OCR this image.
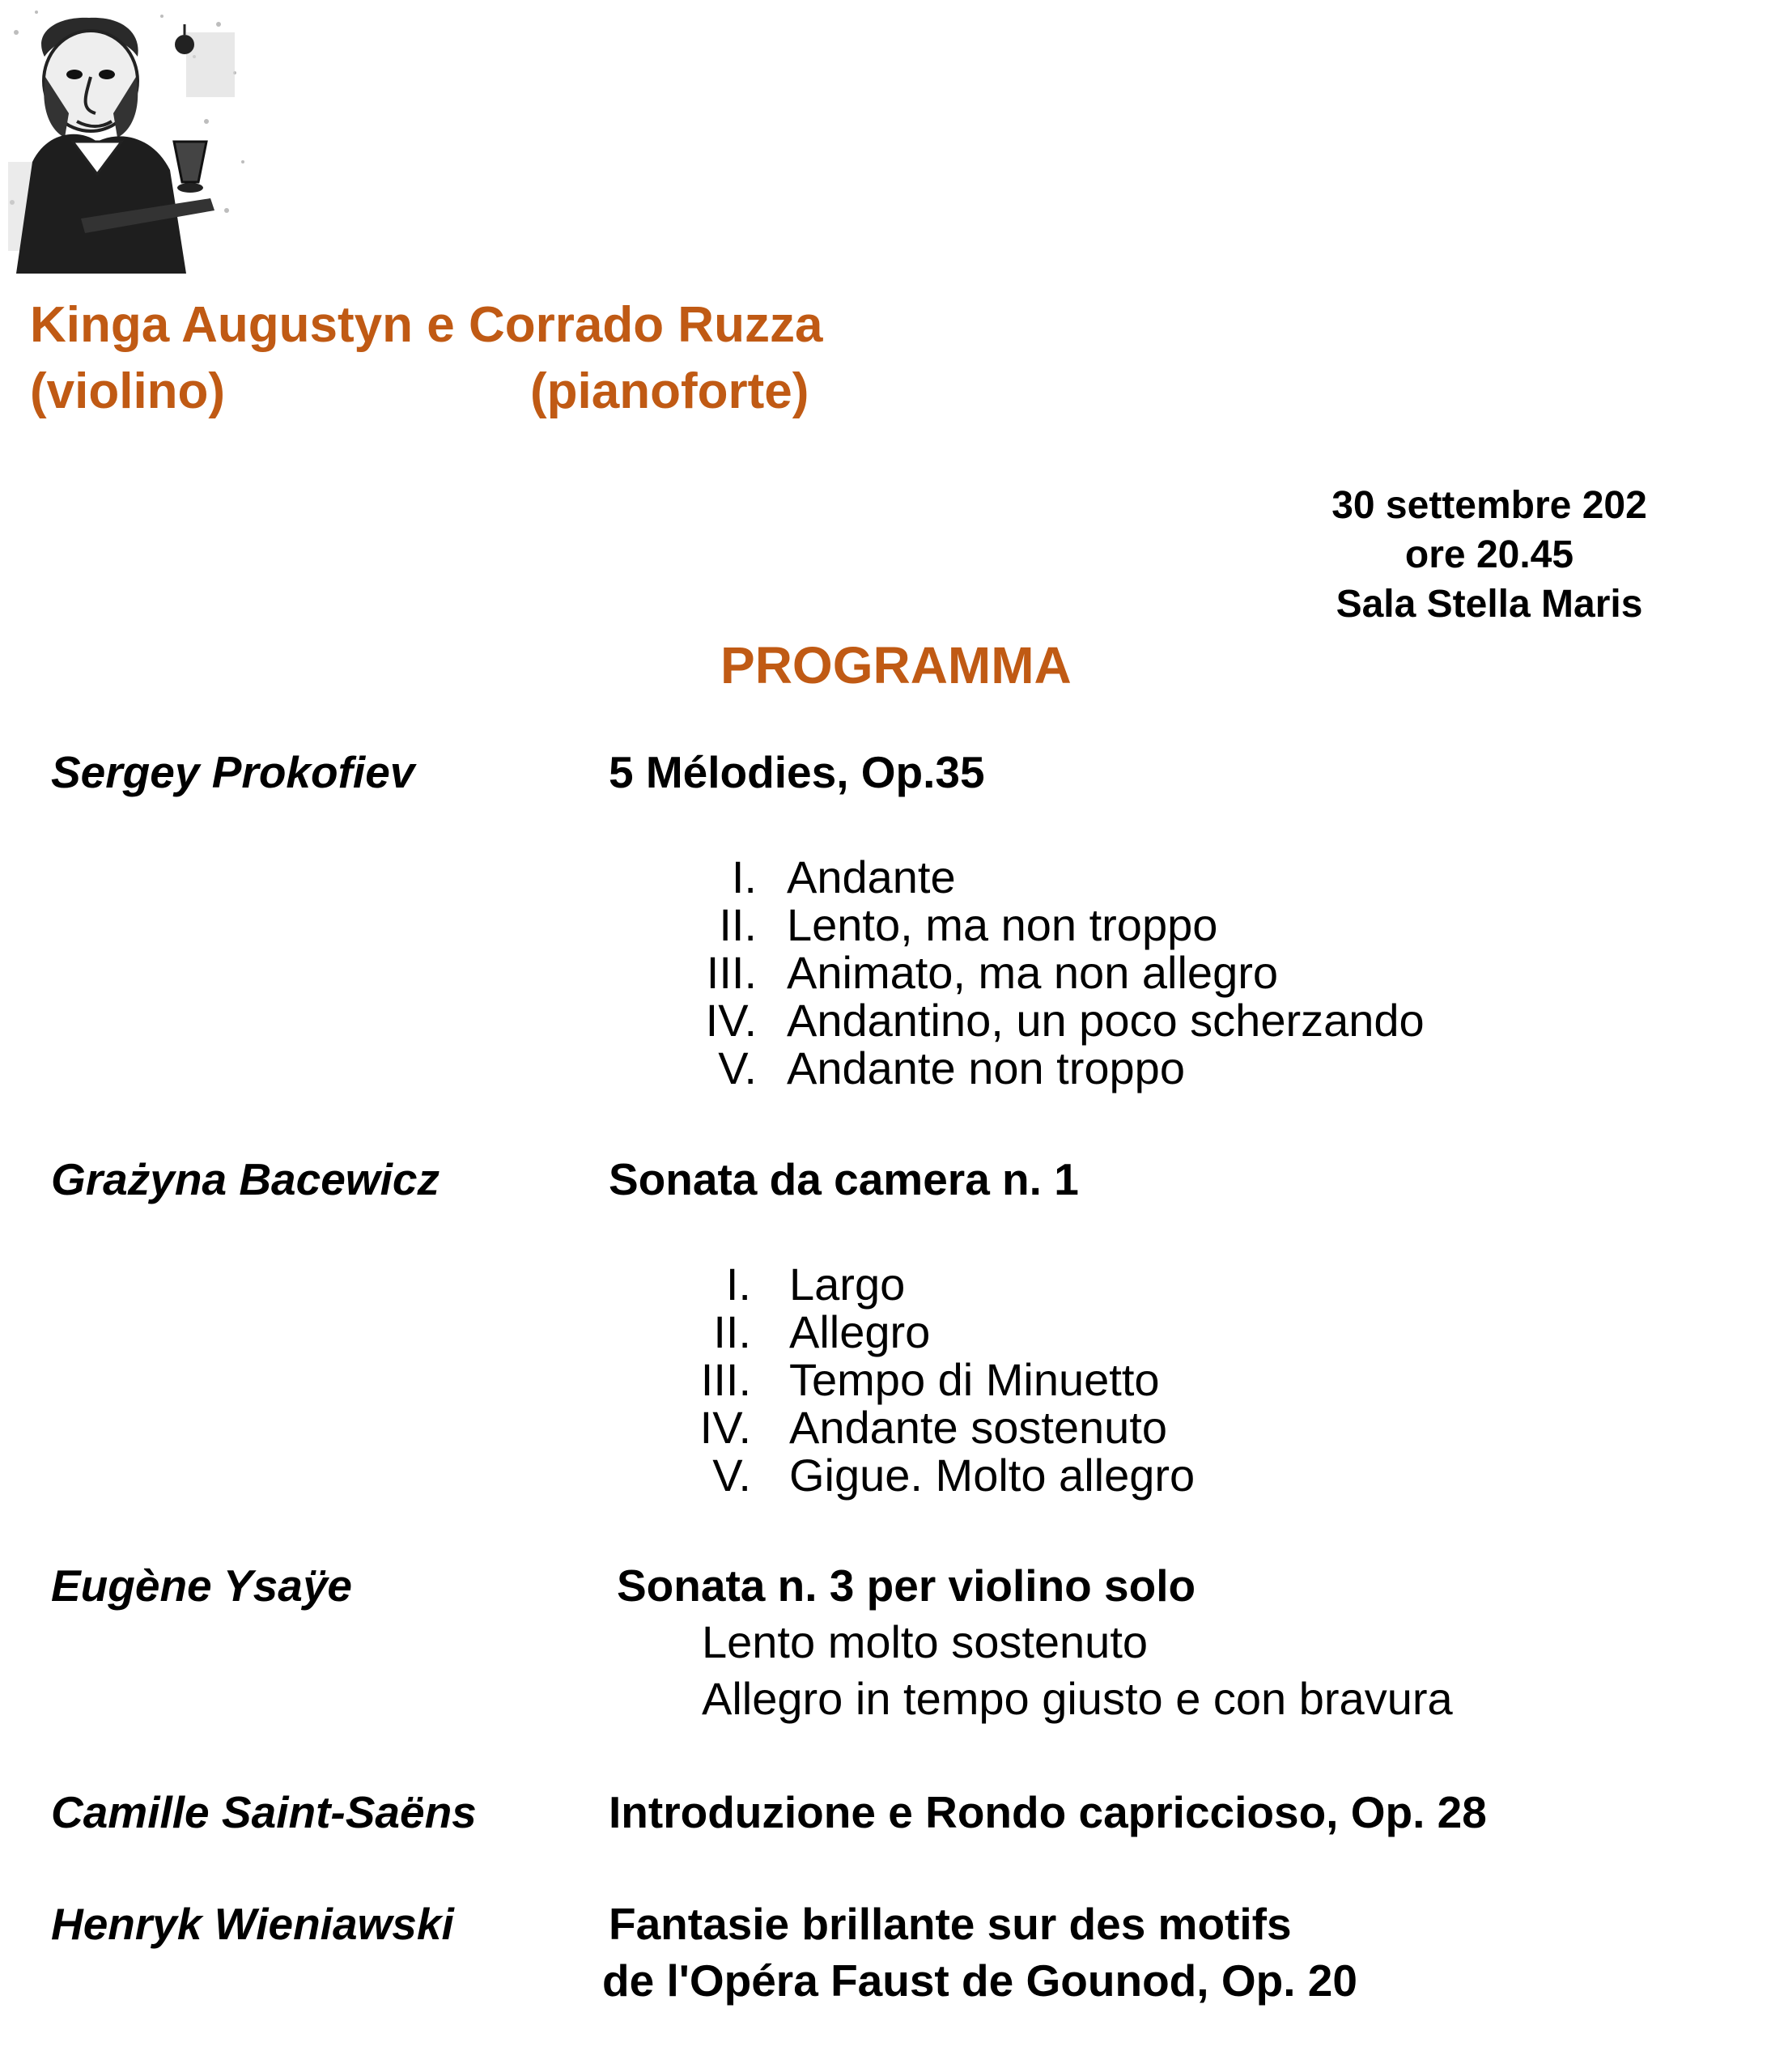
Kinga Augustyn e Corrado Ruzza
(violino)	(pianoforte)
30 settembre 202
ore 20.45
Sala Stella Maris
PROGRAMMA
Sergey Prokofiev	5 Mélodies, Op.35
I. Andante
II. Lento, ma non troppo
III. Animato, ma non allegro
IV. Andantino, un poco scherzando
V. Andante non troppo
Grażyna Bacewicz	Sonata da camera n. 1
I. Largo
II. Allegro
III. Tempo di Minuetto
IV. Andante sostenuto
V. Gigue. Molto allegro
Eugène Ysaÿe	Sonata n. 3 per violino solo
Lento molto sostenuto
Allegro in tempo giusto e con bravura
Camille Saint-Saëns	Introduzione e Rondo capriccioso, Op. 28
Henryk Wieniawski	Fantasie brillante sur des motifs
de l'Opéra Faust de Gounod, Op. 20
